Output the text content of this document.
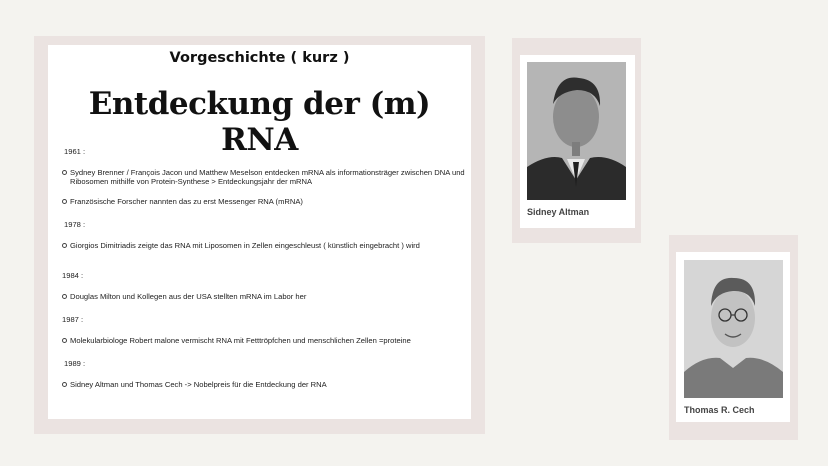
Vorgeschichte ( kurz )
Entdeckung der (m) RNA
1961 :
Sydney Brenner / François Jacon und Matthew Meselson entdecken mRNA als informationsträger zwischen DNA und Ribosomen mithilfe von Protein-Synthese > Entdeckungsjahr der mRNA
Französische Forscher nannten das zu erst Messenger RNA (mRNA)
1978 :
Giorgios Dimitriadis zeigte das RNA mit Liposomen in Zellen eingeschleust ( künstlich eingebracht ) wird
1984 :
Douglas Milton und Kollegen aus der USA stellten mRNA im Labor her
1987 :
Molekularbiologe Robert malone vermischt RNA mit Fetttröpfchen und menschlichen Zellen =proteine
1989 :
Sidney Altman und Thomas Cech -> Nobelpreis für die Entdeckung der RNA
Sidney Altman
Thomas R. Cech
